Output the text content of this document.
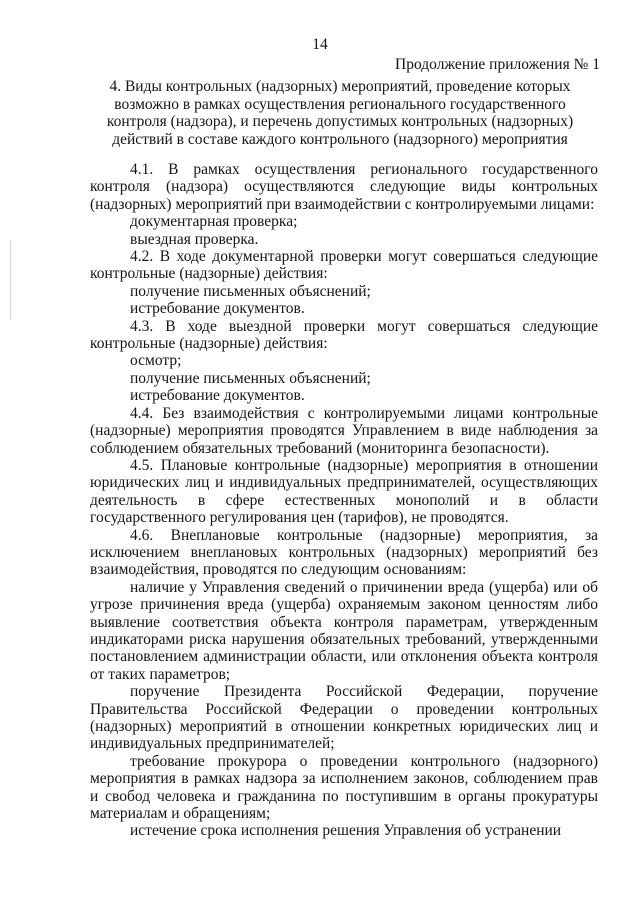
14
Продолжение приложения № 1
4. Виды контрольных (надзорных) мероприятий, проведение которых возможно в рамках осуществления регионального государственного контроля (надзора), и перечень допустимых контрольных (надзорных) действий в составе каждого контрольного (надзорного) мероприятия

4.1. В рамках осуществления регионального государственного контроля (надзора) осуществляются следующие виды контрольных (надзорных) мероприятий при взаимодействии с контролируемыми лицами:

документарная проверка;

выездная проверка.

4.2. В ходе документарной проверки могут совершаться следующие контрольные (надзорные) действия:

получение письменных объяснений;

истребование документов.

4.3. В ходе выездной проверки могут совершаться следующие контрольные (надзорные) действия:

осмотр;

получение письменных объяснений;

истребование документов.

4.4. Без взаимодействия с контролируемыми лицами контрольные (надзорные) мероприятия проводятся Управлением в виде наблюдения за соблюдением обязательных требований (мониторинга безопасности).

4.5. Плановые контрольные (надзорные) мероприятия в отношении юридических лиц и индивидуальных предпринимателей, осуществляющих деятельность в сфере естественных монополий и в области государственного регулирования цен (тарифов), не проводятся.

4.6. Внеплановые контрольные (надзорные) мероприятия, за исключением внеплановых контрольных (надзорных) мероприятий без взаимодействия, проводятся по следующим основаниям:

наличие у Управления сведений о причинении вреда (ущерба) или об угрозе причинения вреда (ущерба) охраняемым законом ценностям либо выявление соответствия объекта контроля параметрам, утвержденным индикаторами риска нарушения обязательных требований, утвержденными постановлением администрации области, или отклонения объекта контроля от таких параметров;

поручение Президента Российской Федерации, поручение Правительства Российской Федерации о проведении контрольных (надзорных) мероприятий в отношении конкретных юридических лиц и индивидуальных предпринимателей;

требование прокурора о проведении контрольного (надзорного) мероприятия в рамках надзора за исполнением законов, соблюдением прав и свобод человека и гражданина по поступившим в органы прокуратуры материалам и обращениям;

истечение срока исполнения решения Управления об устранении
